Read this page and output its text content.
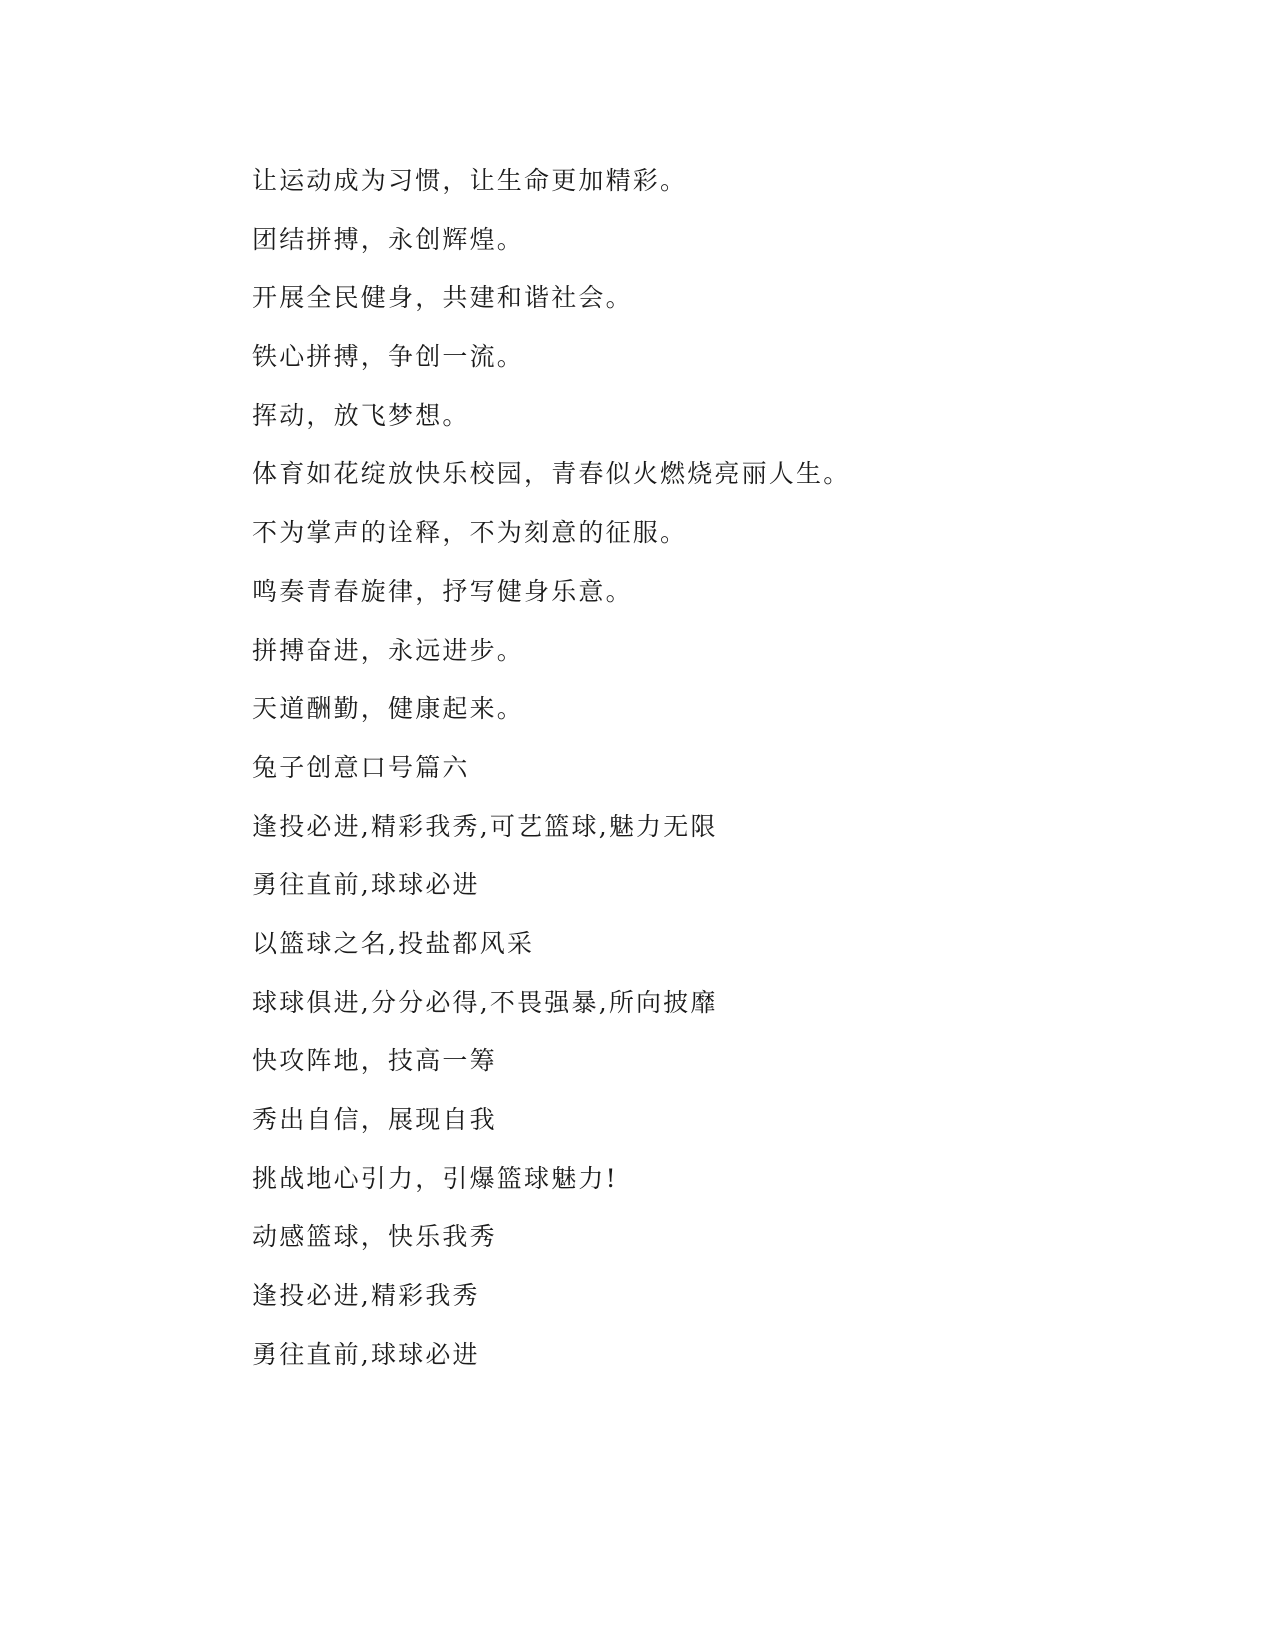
让运动成为习惯，让生命更加精彩。
团结拼搏，永创辉煌。
开展全民健身，共建和谐社会。
铁心拼搏，争创一流。
挥动，放飞梦想。
体育如花绽放快乐校园，青春似火燃烧亮丽人生。
不为掌声的诠释，不为刻意的征服。
鸣奏青春旋律，抒写健身乐意。
拼搏奋进，永远进步。
天道酬勤，健康起来。
兔子创意口号篇六
逢投必进,精彩我秀,可艺篮球,魅力无限
勇往直前,球球必进
以篮球之名,投盐都风采
球球俱进,分分必得,不畏强暴,所向披靡
快攻阵地，技高一筹
秀出自信，展现自我
挑战地心引力，引爆篮球魅力!
动感篮球，快乐我秀
逢投必进,精彩我秀
勇往直前,球球必进
